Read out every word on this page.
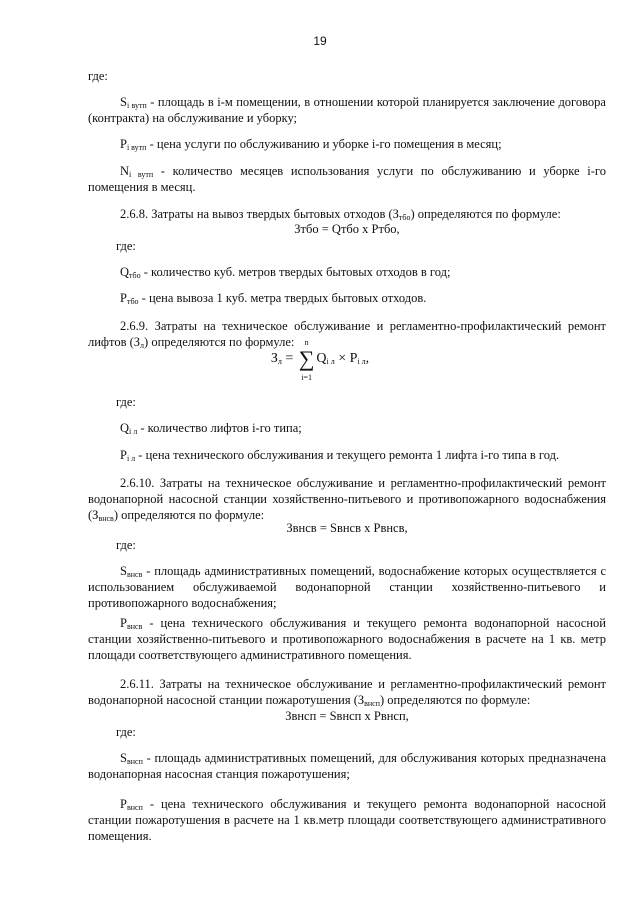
19
где:
$S_{i вутп}$ - площадь в i-м помещении, в отношении которой планируется заключение договора (контракта) на обслуживание и уборку;
$P_{i вутп}$ - цена услуги по обслуживанию и уборке i-го помещения в месяц;
$N_{i вутп}$ - количество месяцев использования услуги по обслуживанию и уборке i-го помещения в месяц.
2.6.8. Затраты на вывоз твердых бытовых отходов $(З_{тбо})$ определяются по формуле:
Зтбо = Qтбо х Pтбо,
где:
$Q_{тбо}$ - количество куб. метров твердых бытовых отходов в год;
$P_{тбо}$ - цена вывоза 1 куб. метра твердых бытовых отходов.
2.6.9. Затраты на техническое обслуживание и регламентно-профилактический ремонт лифтов $(З_л)$ определяются по формуле:
$З_л$ = ∑
n
i=1
$Q_{i л} \times P_{i л}$,
где:
$Q_{i л}$ - количество лифтов i-го типа;
$P_{i л}$ - цена технического обслуживания и текущего ремонта 1 лифта i-го типа в год.
2.6.10. Затраты на техническое обслуживание и регламентно-профилактический ремонт водонапорной насосной станции хозяйственно-питьевого и противопожарного водоснабжения $(З_{внсв})$ определяются по формуле:
Звнсв = Sвнсв х Pвнсв,
где:
$S_{внсв}$ - площадь административных помещений, водоснабжение которых осуществляется с использованием обслуживаемой водонапорной станции хозяйственно-питьевого и противопожарного водоснабжения;
$P_{внсв}$ - цена технического обслуживания и текущего ремонта водонапорной насосной станции хозяйственно-питьевого и противопожарного водоснабжения в расчете на 1 кв. метр площади соответствующего административного помещения.
2.6.11. Затраты на техническое обслуживание и регламентно-профилактический ремонт водонапорной насосной станции пожаротушения $(З_{внсп})$ определяются по формуле:
Звнсп = Sвнсп х Pвнсп,
где:
$S_{внсп}$ - площадь административных помещений, для обслуживания которых предназначена водонапорная насосная станция пожаротушения;
$P_{внсп}$ - цена технического обслуживания и текущего ремонта водонапорной насосной станции пожаротушения в расчете на 1 кв.метр площади соответствующего административного помещения.
